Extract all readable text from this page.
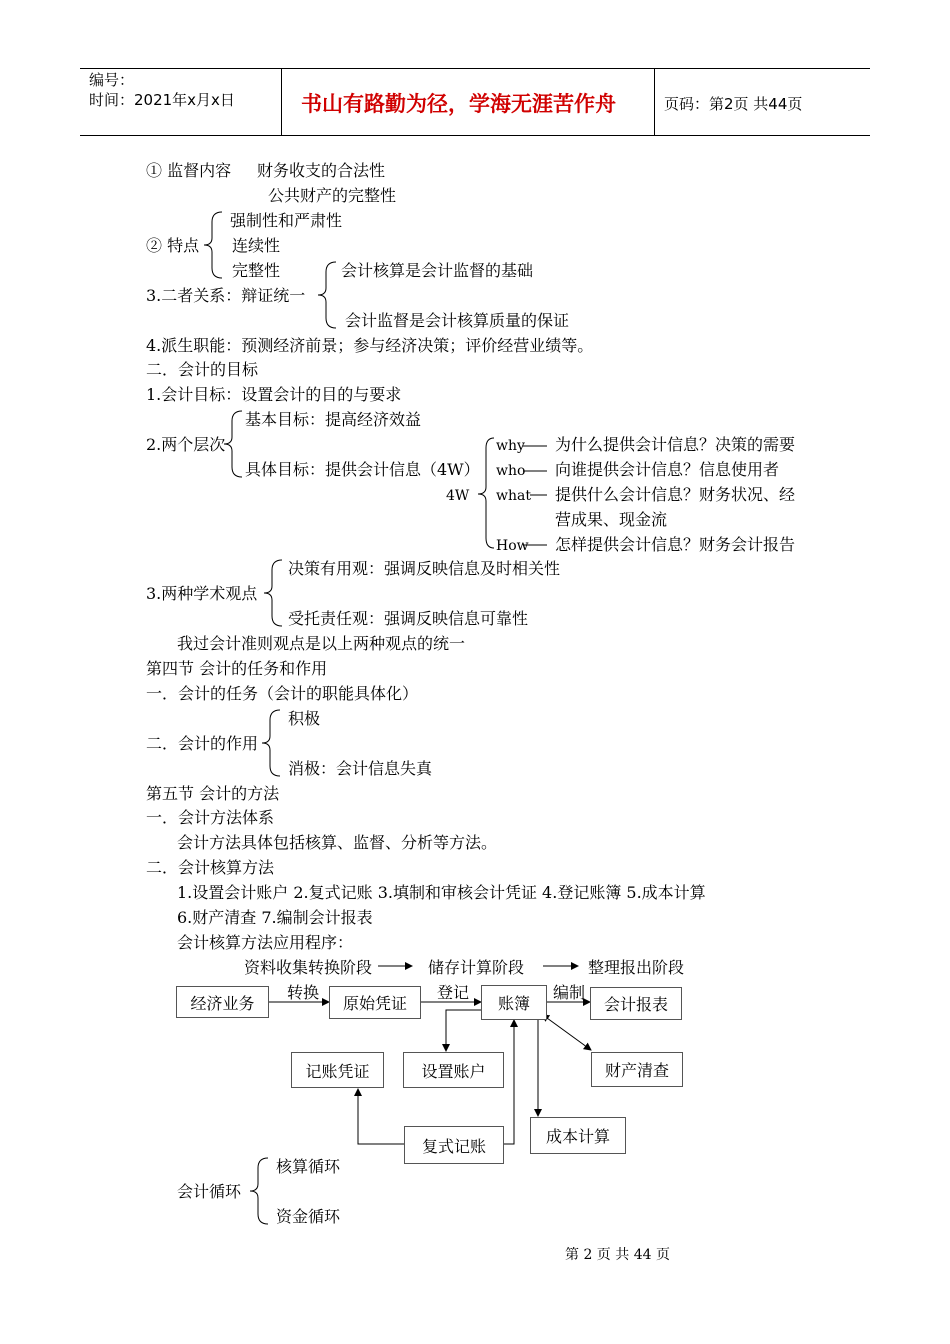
编号：
时间：2021年x月x日	书山有路勤为径，学海无涯苦作舟	页码：第2页 共44页
① 监督内容 财务收支的合法性
公共财产的完整性
强制性和严肃性
② 特点 连续性
完整性	会计核算是会计监督的基础
3.二者关系：辩证统一
会计监督是会计核算质量的保证
4.派生职能：预测经济前景；参与经济决策；评价经营业绩等。
二．会计的目标
1.会计目标：设置会计的目的与要求
基本目标：提高经济效益
2.两个层次	why 为什么提供会计信息？决策的需要
具体目标：提供会计信息（4W） who 向谁提供会计信息？信息使用者
4W what 提供什么会计信息？财务状况、经
营成果、现金流
How 怎样提供会计信息？财务会计报告
决策有用观：强调反映信息及时相关性
3.两种学术观点
受托责任观：强调反映信息可靠性
我过会计准则观点是以上两种观点的统一
第四节 会计的任务和作用
一．会计的任务（会计的职能具体化）
积极
二．会计的作用
消极：会计信息失真
第五节 会计的方法
一．会计方法体系
会计方法具体包括核算、监督、分析等方法。
二．会计核算方法
1.设置会计账户 2.复式记账 3.填制和审核会计凭证 4.登记账簿 5.成本计算
6.财产清查 7.编制会计报表
会计核算方法应用程序：
资料收集转换阶段	储存计算阶段	整理报出阶段
转换	登记	编制
经济业务	原始凭证	账簿	会计报表
记账凭证	设置账户	财产清查
复式记账	成本计算
会计循环
核算循环
资金循环
第 2 页 共 44 页
